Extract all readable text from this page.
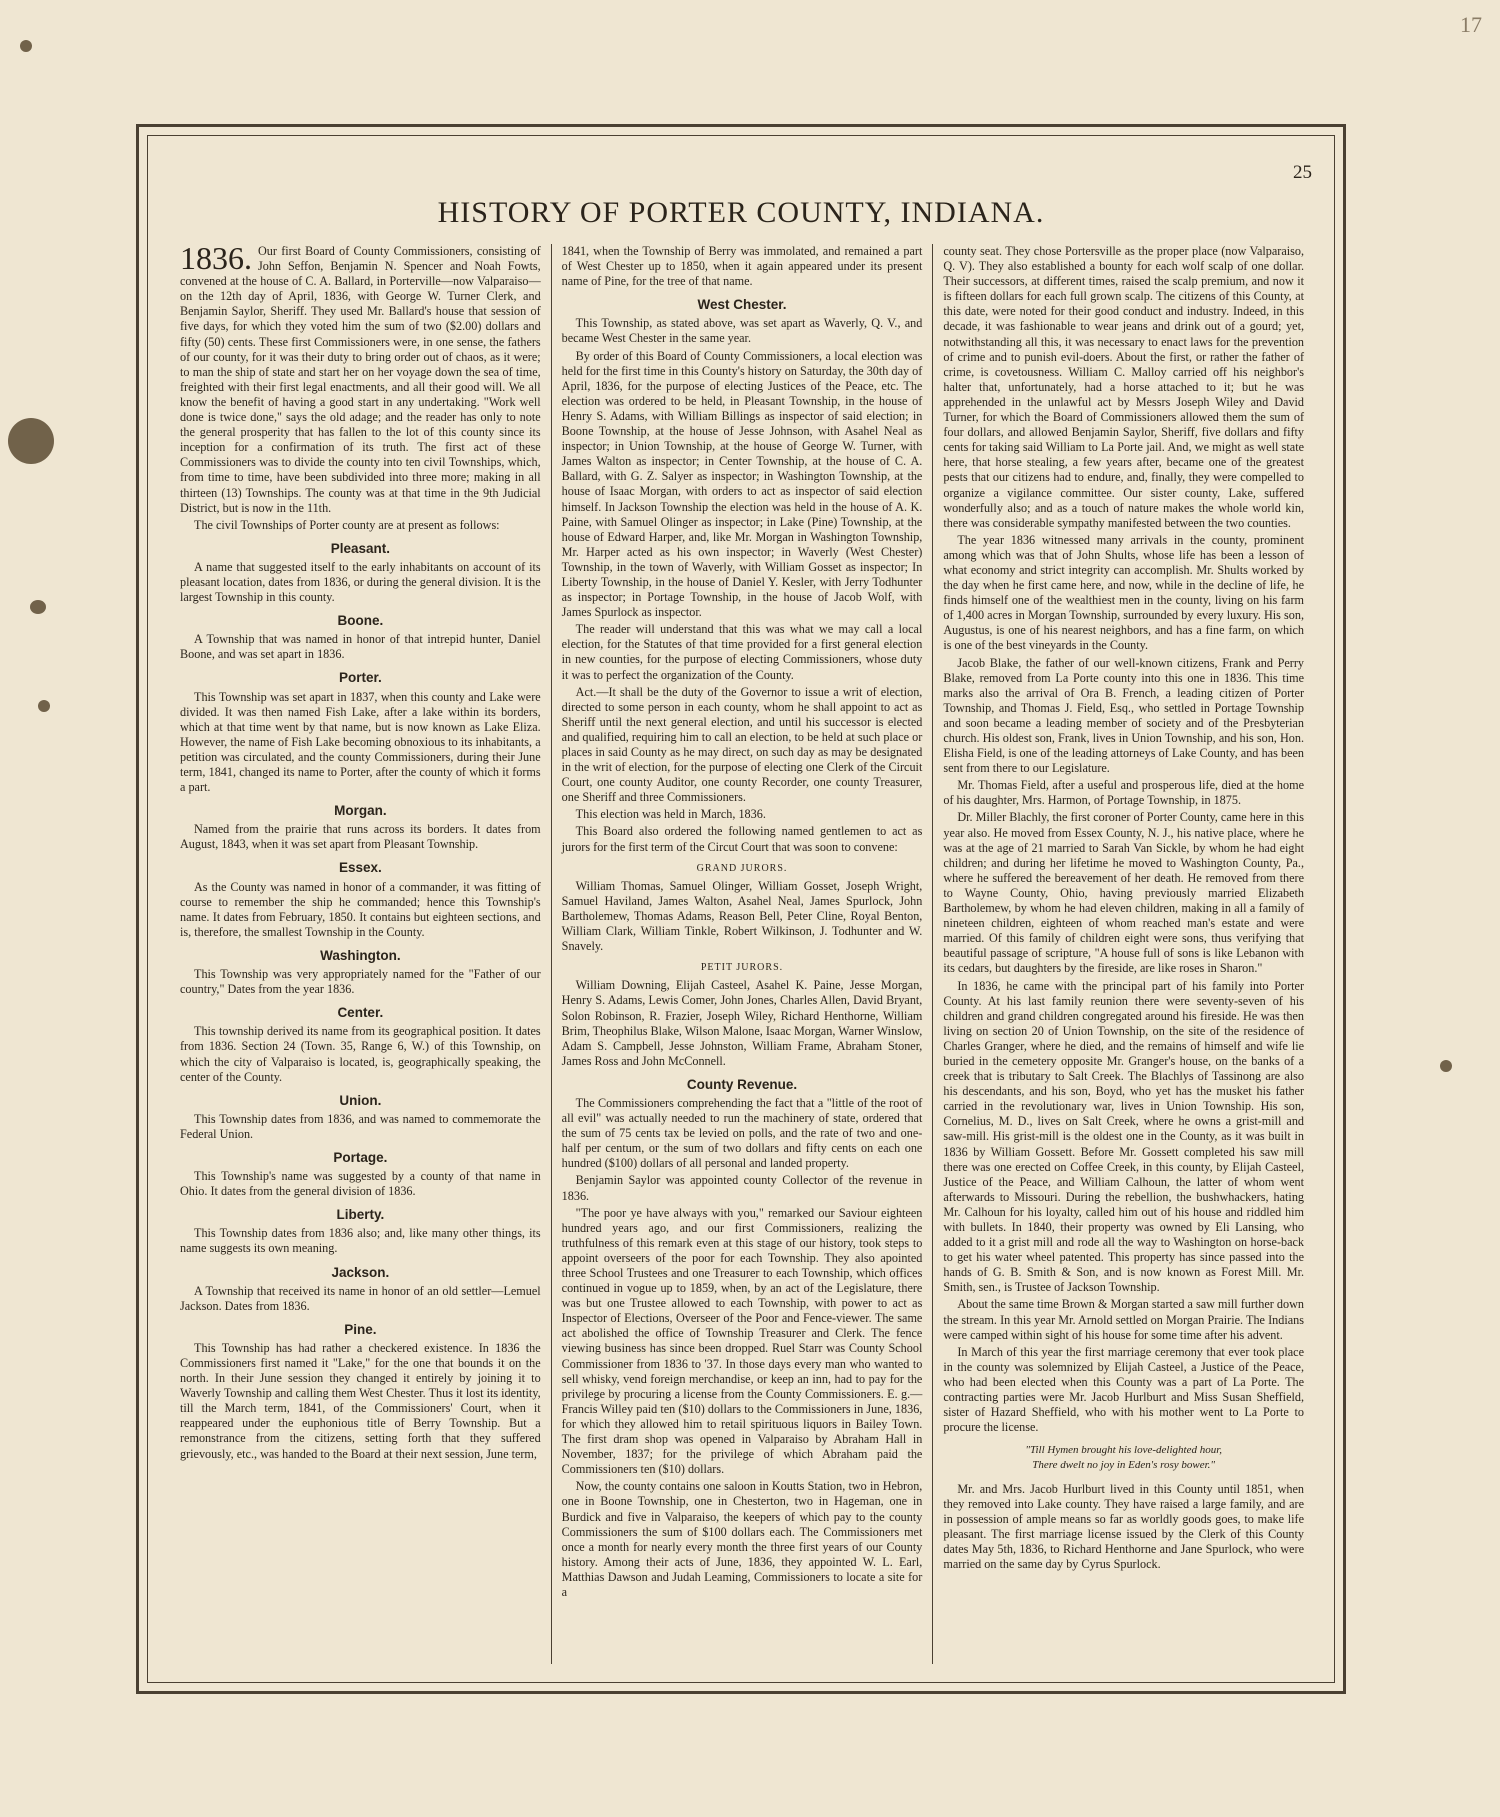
17
25
HISTORY OF PORTER COUNTY, INDIANA.

1836. Our first Board of County Commissioners, consisting of John Seffon, Benjamin N. Spencer and Noah Fowts, convened at the house of C. A. Ballard, in Porterville—now Valparaiso—on the 12th day of April, 1836, with George W. Turner Clerk, and Benjamin Saylor, Sheriff. They used Mr. Ballard's house that session of five days, for which they voted him the sum of two ($2.00) dollars and fifty (50) cents. These first Commissioners were, in one sense, the fathers of our county, for it was their duty to bring order out of chaos, as it were; to man the ship of state and start her on her voyage down the sea of time, freighted with their first legal enactments, and all their good will. We all know the benefit of having a good start in any undertaking. "Work well done is twice done," says the old adage; and the reader has only to note the general prosperity that has fallen to the lot of this county since its inception for a confirmation of its truth. The first act of these Commissioners was to divide the county into ten civil Townships, which, from time to time, have been subdivided into three more; making in all thirteen (13) Townships. The county was at that time in the 9th Judicial District, but is now in the 11th.

The civil Townships of Porter county are at present as follows:

Pleasant.

A name that suggested itself to the early inhabitants on account of its pleasant location, dates from 1836, or during the general division. It is the largest Township in this county.

Boone.

A Township that was named in honor of that intrepid hunter, Daniel Boone, and was set apart in 1836.

Porter.

This Township was set apart in 1837, when this county and Lake were divided. It was then named Fish Lake, after a lake within its borders, which at that time went by that name, but is now known as Lake Eliza. However, the name of Fish Lake becoming obnoxious to its inhabitants, a petition was circulated, and the county Commissioners, during their June term, 1841, changed its name to Porter, after the county of which it forms a part.

Morgan.

Named from the prairie that runs across its borders. It dates from August, 1843, when it was set apart from Pleasant Township.

Essex.

As the County was named in honor of a commander, it was fitting of course to remember the ship he commanded; hence this Township's name. It dates from February, 1850. It contains but eighteen sections, and is, therefore, the smallest Township in the County.

Washington.

This Township was very appropriately named for the "Father of our country," Dates from the year 1836.

Center.

This township derived its name from its geographical position. It dates from 1836. Section 24 (Town. 35, Range 6, W.) of this Township, on which the city of Valparaiso is located, is, geographically speaking, the center of the County.

Union.

This Township dates from 1836, and was named to commemorate the Federal Union.

Portage.

This Township's name was suggested by a county of that name in Ohio. It dates from the general division of 1836.

Liberty.

This Township dates from 1836 also; and, like many other things, its name suggests its own meaning.

Jackson.

A Township that received its name in honor of an old settler—Lemuel Jackson. Dates from 1836.

Pine.

This Township has had rather a checkered existence. In 1836 the Commissioners first named it "Lake," for the one that bounds it on the north. In their June session they changed it entirely by joining it to Waverly Township and calling them West Chester. Thus it lost its identity, till the March term, 1841, of the Commissioners' Court, when it reappeared under the euphonious title of Berry Township. But a remonstrance from the citizens, setting forth that they suffered grievously, etc., was handed to the Board at their next session, June term,

1841, when the Township of Berry was immolated, and remained a part of West Chester up to 1850, when it again appeared under its present name of Pine, for the tree of that name.

West Chester.

This Township, as stated above, was set apart as Waverly, Q. V., and became West Chester in the same year.

By order of this Board of County Commissioners, a local election was held for the first time in this County's history on Saturday, the 30th day of April, 1836, for the purpose of electing Justices of the Peace, etc. The election was ordered to be held, in Pleasant Township, in the house of Henry S. Adams, with William Billings as inspector of said election; in Boone Township, at the house of Jesse Johnson, with Asahel Neal as inspector; in Union Township, at the house of George W. Turner, with James Walton as inspector; in Center Township, at the house of C. A. Ballard, with G. Z. Salyer as inspector; in Washington Township, at the house of Isaac Morgan, with orders to act as inspector of said election himself. In Jackson Township the election was held in the house of A. K. Paine, with Samuel Olinger as inspector; in Lake (Pine) Township, at the house of Edward Harper, and, like Mr. Morgan in Washington Township, Mr. Harper acted as his own inspector; in Waverly (West Chester) Township, in the town of Waverly, with William Gosset as inspector; In Liberty Township, in the house of Daniel Y. Kesler, with Jerry Todhunter as inspector; in Portage Township, in the house of Jacob Wolf, with James Spurlock as inspector.

The reader will understand that this was what we may call a local election, for the Statutes of that time provided for a first general election in new counties, for the purpose of electing Commissioners, whose duty it was to perfect the organization of the County.

Act.—It shall be the duty of the Governor to issue a writ of election, directed to some person in each county, whom he shall appoint to act as Sheriff until the next general election, and until his successor is elected and qualified, requiring him to call an election, to be held at such place or places in said County as he may direct, on such day as may be designated in the writ of election, for the purpose of electing one Clerk of the Circuit Court, one county Auditor, one county Recorder, one county Treasurer, one Sheriff and three Commissioners.

This election was held in March, 1836.

This Board also ordered the following named gentlemen to act as jurors for the first term of the Circut Court that was soon to convene:

GRAND JURORS.

William Thomas, Samuel Olinger, William Gosset, Joseph Wright, Samuel Haviland, James Walton, Asahel Neal, James Spurlock, John Bartholemew, Thomas Adams, Reason Bell, Peter Cline, Royal Benton, William Clark, William Tinkle, Robert Wilkinson, J. Todhunter and W. Snavely.

PETIT JURORS.

William Downing, Elijah Casteel, Asahel K. Paine, Jesse Morgan, Henry S. Adams, Lewis Comer, John Jones, Charles Allen, David Bryant, Solon Robinson, R. Frazier, Joseph Wiley, Richard Henthorne, William Brim, Theophilus Blake, Wilson Malone, Isaac Morgan, Warner Winslow, Adam S. Campbell, Jesse Johnston, William Frame, Abraham Stoner, James Ross and John McConnell.

County Revenue.

The Commissioners comprehending the fact that a "little of the root of all evil" was actually needed to run the machinery of state, ordered that the sum of 75 cents tax be levied on polls, and the rate of two and one-half per centum, or the sum of two dollars and fifty cents on each one hundred ($100) dollars of all personal and landed property.

Benjamin Saylor was appointed county Collector of the revenue in 1836.

"The poor ye have always with you," remarked our Saviour eighteen hundred years ago, and our first Commissioners, realizing the truthfulness of this remark even at this stage of our history, took steps to appoint overseers of the poor for each Township. They also apointed three School Trustees and one Treasurer to each Township, which offices continued in vogue up to 1859, when, by an act of the Legislature, there was but one Trustee allowed to each Township, with power to act as Inspector of Elections, Overseer of the Poor and Fence-viewer. The same act abolished the office of Township Treasurer and Clerk. The fence viewing business has since been dropped. Ruel Starr was County School Commissioner from 1836 to '37. In those days every man who wanted to sell whisky, vend foreign merchandise, or keep an inn, had to pay for the privilege by procuring a license from the County Commissioners. E. g.—Francis Willey paid ten ($10) dollars to the Commissioners in June, 1836, for which they allowed him to retail spirituous liquors in Bailey Town. The first dram shop was opened in Valparaiso by Abraham Hall in November, 1837; for the privilege of which Abraham paid the Commissioners ten ($10) dollars.

Now, the county contains one saloon in Koutts Station, two in Hebron, one in Boone Township, one in Chesterton, two in Hageman, one in Burdick and five in Valparaiso, the keepers of which pay to the county Commissioners the sum of $100 dollars each. The Commissioners met once a month for nearly every month the three first years of our County history. Among their acts of June, 1836, they appointed W. L. Earl, Matthias Dawson and Judah Leaming, Commissioners to locate a site for a

county seat. They chose Portersville as the proper place (now Valparaiso, Q. V). They also established a bounty for each wolf scalp of one dollar. Their successors, at different times, raised the scalp premium, and now it is fifteen dollars for each full grown scalp. The citizens of this County, at this date, were noted for their good conduct and industry. Indeed, in this decade, it was fashionable to wear jeans and drink out of a gourd; yet, notwithstanding all this, it was necessary to enact laws for the prevention of crime and to punish evil-doers. About the first, or rather the father of crime, is covetousness. William C. Malloy carried off his neighbor's halter that, unfortunately, had a horse attached to it; but he was apprehended in the unlawful act by Messrs Joseph Wiley and David Turner, for which the Board of Commissioners allowed them the sum of four dollars, and allowed Benjamin Saylor, Sheriff, five dollars and fifty cents for taking said William to La Porte jail. And, we might as well state here, that horse stealing, a few years after, became one of the greatest pests that our citizens had to endure, and, finally, they were compelled to organize a vigilance committee. Our sister county, Lake, suffered wonderfully also; and as a touch of nature makes the whole world kin, there was considerable sympathy manifested between the two counties.

The year 1836 witnessed many arrivals in the county, prominent among which was that of John Shults, whose life has been a lesson of what economy and strict integrity can accomplish. Mr. Shults worked by the day when he first came here, and now, while in the decline of life, he finds himself one of the wealthiest men in the county, living on his farm of 1,400 acres in Morgan Township, surrounded by every luxury. His son, Augustus, is one of his nearest neighbors, and has a fine farm, on which is one of the best vineyards in the County.

Jacob Blake, the father of our well-known citizens, Frank and Perry Blake, removed from La Porte county into this one in 1836. This time marks also the arrival of Ora B. French, a leading citizen of Porter Township, and Thomas J. Field, Esq., who settled in Portage Township and soon became a leading member of society and of the Presbyterian church. His oldest son, Frank, lives in Union Township, and his son, Hon. Elisha Field, is one of the leading attorneys of Lake County, and has been sent from there to our Legislature.

Mr. Thomas Field, after a useful and prosperous life, died at the home of his daughter, Mrs. Harmon, of Portage Township, in 1875.

Dr. Miller Blachly, the first coroner of Porter County, came here in this year also. He moved from Essex County, N. J., his native place, where he was at the age of 21 married to Sarah Van Sickle, by whom he had eight children; and during her lifetime he moved to Washington County, Pa., where he suffered the bereavement of her death. He removed from there to Wayne County, Ohio, having previously married Elizabeth Bartholemew, by whom he had eleven children, making in all a family of nineteen children, eighteen of whom reached man's estate and were married. Of this family of children eight were sons, thus verifying that beautiful passage of scripture, "A house full of sons is like Lebanon with its cedars, but daughters by the fireside, are like roses in Sharon."

In 1836, he came with the principal part of his family into Porter County. At his last family reunion there were seventy-seven of his children and grand children congregated around his fireside. He was then living on section 20 of Union Township, on the site of the residence of Charles Granger, where he died, and the remains of himself and wife lie buried in the cemetery opposite Mr. Granger's house, on the banks of a creek that is tributary to Salt Creek. The Blachlys of Tassinong are also his descendants, and his son, Boyd, who yet has the musket his father carried in the revolutionary war, lives in Union Township. His son, Cornelius, M. D., lives on Salt Creek, where he owns a grist-mill and saw-mill. His grist-mill is the oldest one in the County, as it was built in 1836 by William Gossett. Before Mr. Gossett completed his saw mill there was one erected on Coffee Creek, in this county, by Elijah Casteel, Justice of the Peace, and William Calhoun, the latter of whom went afterwards to Missouri. During the rebellion, the bushwhackers, hating Mr. Calhoun for his loyalty, called him out of his house and riddled him with bullets. In 1840, their property was owned by Eli Lansing, who added to it a grist mill and rode all the way to Washington on horse-back to get his water wheel patented. This property has since passed into the hands of G. B. Smith & Son, and is now known as Forest Mill. Mr. Smith, sen., is Trustee of Jackson Township.

About the same time Brown & Morgan started a saw mill further down the stream. In this year Mr. Arnold settled on Morgan Prairie. The Indians were camped within sight of his house for some time after his advent.

In March of this year the first marriage ceremony that ever took place in the county was solemnized by Elijah Casteel, a Justice of the Peace, who had been elected when this County was a part of La Porte. The contracting parties were Mr. Jacob Hurlburt and Miss Susan Sheffield, sister of Hazard Sheffield, who with his mother went to La Porte to procure the license.

"Till Hymen brought his love-delighted hour,
There dwelt no joy in Eden's rosy bower."

Mr. and Mrs. Jacob Hurlburt lived in this County until 1851, when they removed into Lake county. They have raised a large family, and are in possession of ample means so far as worldly goods goes, to make life pleasant. The first marriage license issued by the Clerk of this County dates May 5th, 1836, to Richard Henthorne and Jane Spurlock, who were married on the same day by Cyrus Spurlock.
